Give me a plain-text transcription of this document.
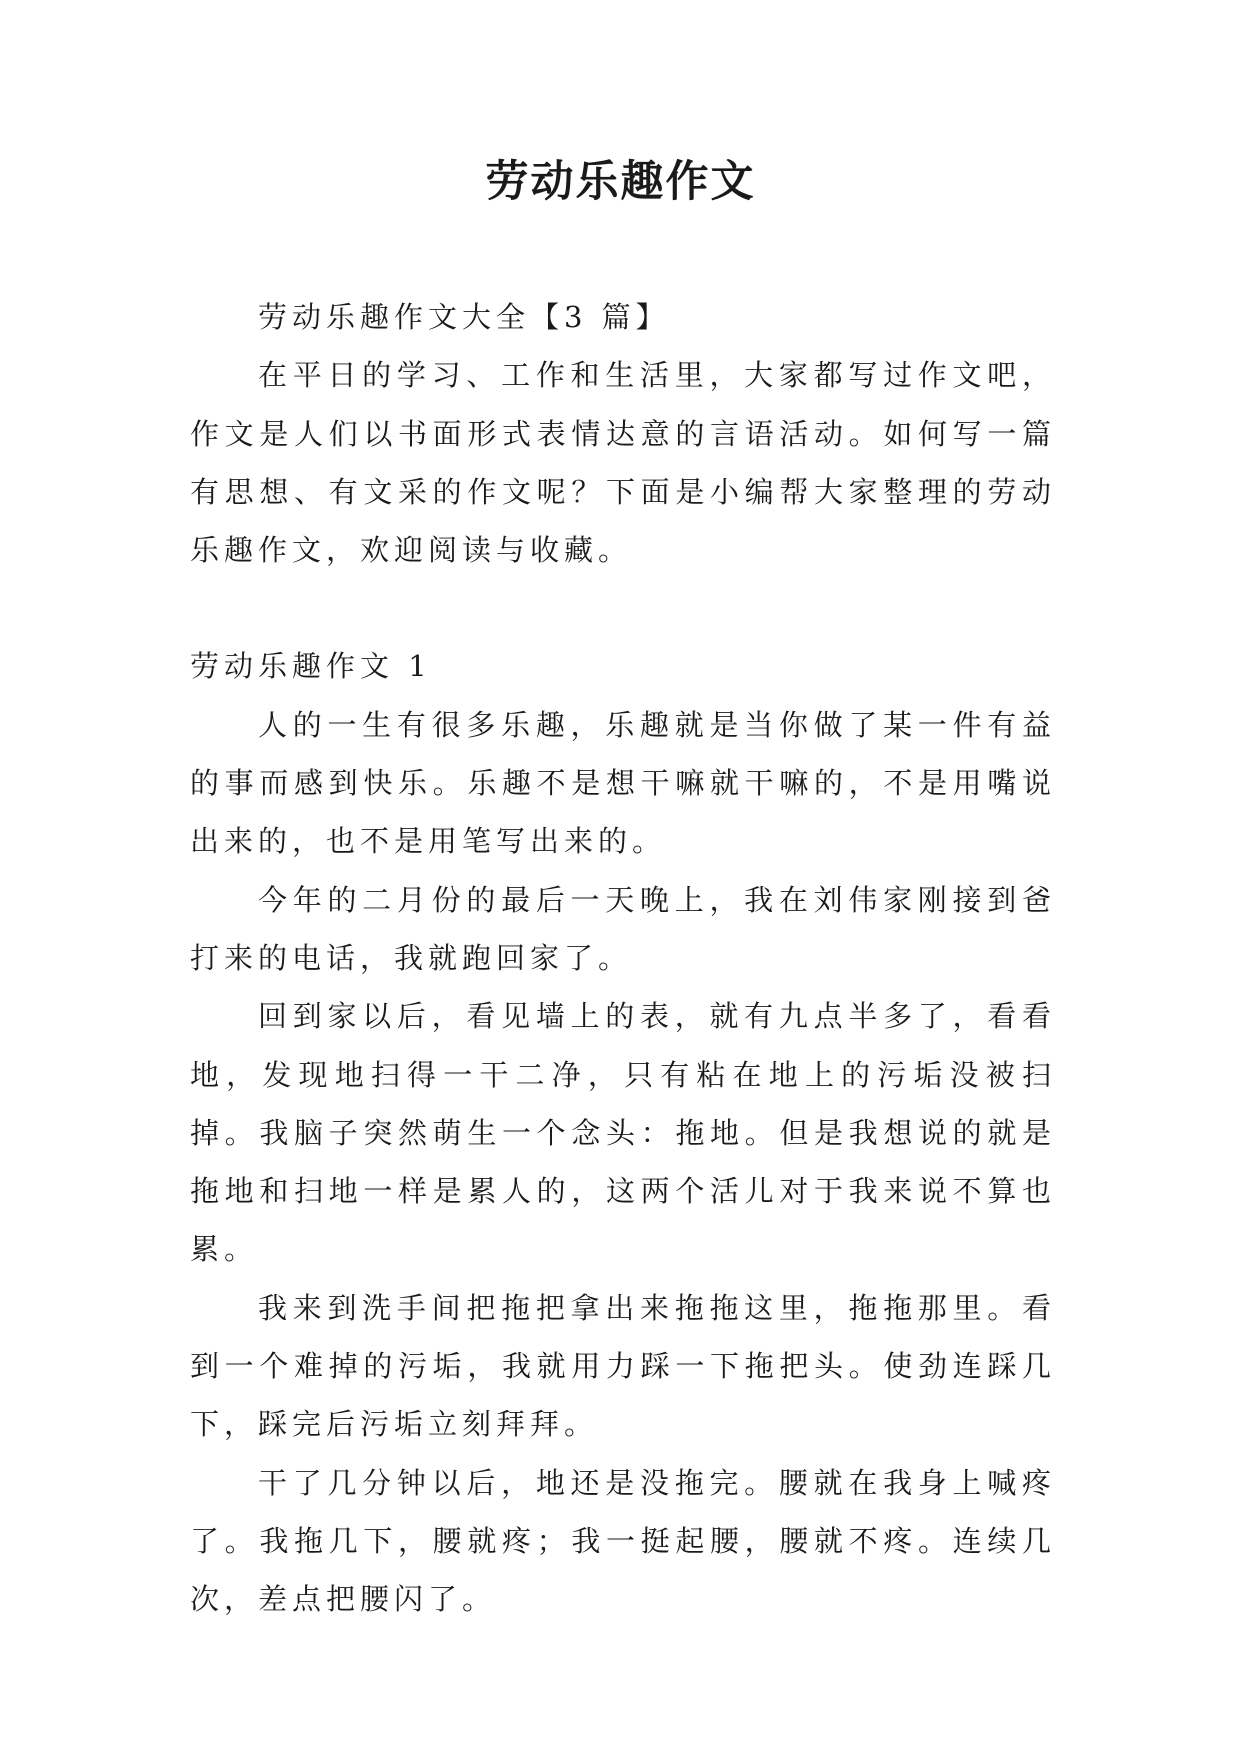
劳动乐趣作文

劳动乐趣作文大全【3 篇】

在平日的学习、工作和生活里，大家都写过作文吧，作文是人们以书面形式表情达意的言语活动。如何写一篇有思想、有文采的作文呢？下面是小编帮大家整理的劳动乐趣作文，欢迎阅读与收藏。

劳动乐趣作文 1

人的一生有很多乐趣，乐趣就是当你做了某一件有益的事而感到快乐。乐趣不是想干嘛就干嘛的，不是用嘴说出来的，也不是用笔写出来的。

今年的二月份的最后一天晚上，我在刘伟家刚接到爸打来的电话，我就跑回家了。

回到家以后，看见墙上的表，就有九点半多了，看看地，发现地扫得一干二净，只有粘在地上的污垢没被扫掉。我脑子突然萌生一个念头：拖地。但是我想说的就是拖地和扫地一样是累人的，这两个活儿对于我来说不算也累。

我来到洗手间把拖把拿出来拖拖这里，拖拖那里。看到一个难掉的污垢，我就用力踩一下拖把头。使劲连踩几下，踩完后污垢立刻拜拜。

干了几分钟以后，地还是没拖完。腰就在我身上喊疼了。我拖几下，腰就疼；我一挺起腰，腰就不疼。连续几次，差点把腰闪了。
